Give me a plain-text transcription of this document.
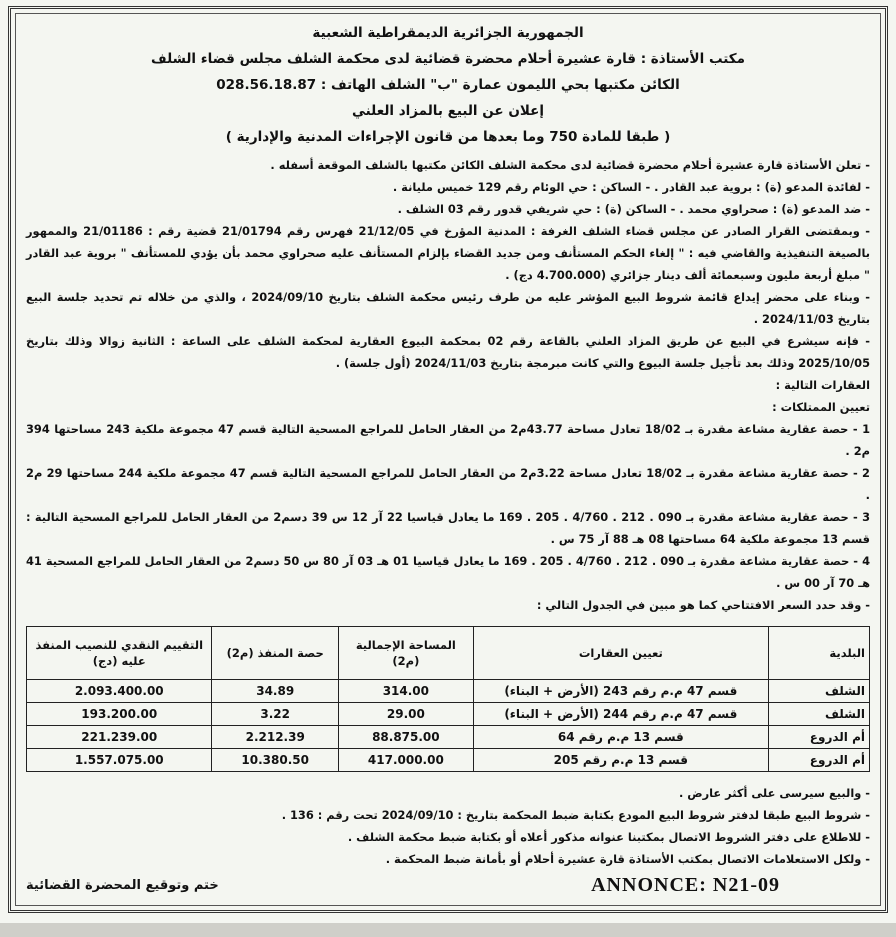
الجمهورية الجزائرية الديمقراطية الشعبية
مكتب الأستاذة : قارة عشيرة أحلام محضرة قضائية لدى محكمة الشلف مجلس قضاء الشلف
الكائن مكتبها بحي الليمون عمارة "ب" الشلف الهاتف : 028.56.18.87
إعلان عن البيع بالمزاد العلني
( طبقا للمادة 750 وما بعدها من قانون الإجراءات المدنية والإدارية )

- تعلن الأستاذة قارة عشيرة أحلام محضرة قضائية لدى محكمة الشلف الكائن مكتبها بالشلف الموقعة أسفله .

- لفائدة المدعو (ة) : بروية عبد القادر . - الساكن : حي الوئام رقم 129 خميس مليانة .

- ضد المدعو (ة) : صحراوي محمد . - الساكن (ة) : حي شريفي قدور رقم 03 الشلف .

- وبمقتضى القرار الصادر عن مجلس قضاء الشلف الغرفة : المدنية المؤرخ في 21/12/05 فهرس رقم 21/01794 قضية رقم : 21/01186 والممهور بالصيغة التنفيذية والقاضي فيه : " إلغاء الحكم المستأنف ومن جديد القضاء بإلزام المستأنف عليه صحراوي محمد بأن يؤدي للمستأنف " بروية عبد القادر " مبلغ أربعة مليون وسبعمائة ألف دينار جزائري (4.700.000 دج) .

- وبناء على محضر إيداع قائمة شروط البيع المؤشر عليه من طرف رئيس محكمة الشلف بتاريخ 2024/09/10 ، والذي من خلاله تم تحديد جلسة البيع بتاريخ 2024/11/03 .

- فإنه سيشرع في البيع عن طريق المزاد العلني بالقاعة رقم 02 بمحكمة البيوع العقارية لمحكمة الشلف على الساعة : الثانية زوالا وذلك بتاريخ 2025/10/05 وذلك بعد تأجيل جلسة البيوع والتي كانت مبرمجة بتاريخ 2024/11/03 (أول جلسة) .

العقارات التالية :

تعيين الممتلكات :

1 - حصة عقارية مشاعة مقدرة بـ 18/02 تعادل مساحة 43.77م2 من العقار الحامل للمراجع المسحية التالية قسم 47 مجموعة ملكية 243 مساحتها 394 م2 .

2 - حصة عقارية مشاعة مقدرة بـ 18/02 تعادل مساحة 3.22م2 من العقار الحامل للمراجع المسحية التالية قسم 47 مجموعة ملكية 244 مساحتها 29 م2 .

3 - حصة عقارية مشاعة مقدرة بـ 090 . 212 . 4/760 . 205 . 169 ما يعادل قياسيا 22 آر 12 س 39 دسم2 من العقار الحامل للمراجع المسحية التالية : قسم 13 مجموعة ملكية 64 مساحتها 08 هـ 88 آر 75 س .

4 - حصة عقارية مشاعة مقدرة بـ 090 . 212 . 4/760 . 205 . 169 ما يعادل قياسيا 01 هـ 03 آر 80 س 50 دسم2 من العقار الحامل للمراجع المسحية 41 هـ 70 آر 00 س .

- وقد حدد السعر الافتتاحي كما هو مبين في الجدول التالي :

البلدية	تعيين العقارات	المساحة الإجمالية (م2)	حصة المنفذ (م2)	التقييم النقدي للنصيب المنفذ عليه (دج)
الشلف	قسم 47 م.م رقم 243 (الأرض + البناء)	314.00	34.89	2.093.400.00
الشلف	قسم 47 م.م رقم 244 (الأرض + البناء)	29.00	3.22	193.200.00
أم الدروع	قسم 13 م.م رقم 64	88.875.00	2.212.39	221.239.00
أم الدروع	قسم 13 م.م رقم 205	417.000.00	10.380.50	1.557.075.00

- والبيع سيرسى على أكثر عارض .

- شروط البيع طبقا لدفتر شروط البيع المودع بكتابة ضبط المحكمة بتاريخ : 2024/09/10 تحت رقم : 136 .

- للاطلاع على دفتر الشروط الاتصال بمكتبنا عنوانه مذكور أعلاه أو بكتابة ضبط محكمة الشلف .

- ولكل الاستعلامات الاتصال بمكتب الأستاذة قارة عشيرة أحلام أو بأمانة ضبط المحكمة .

ختم وتوقيع المحضرة القضائية	ANNONCE: N21-09
